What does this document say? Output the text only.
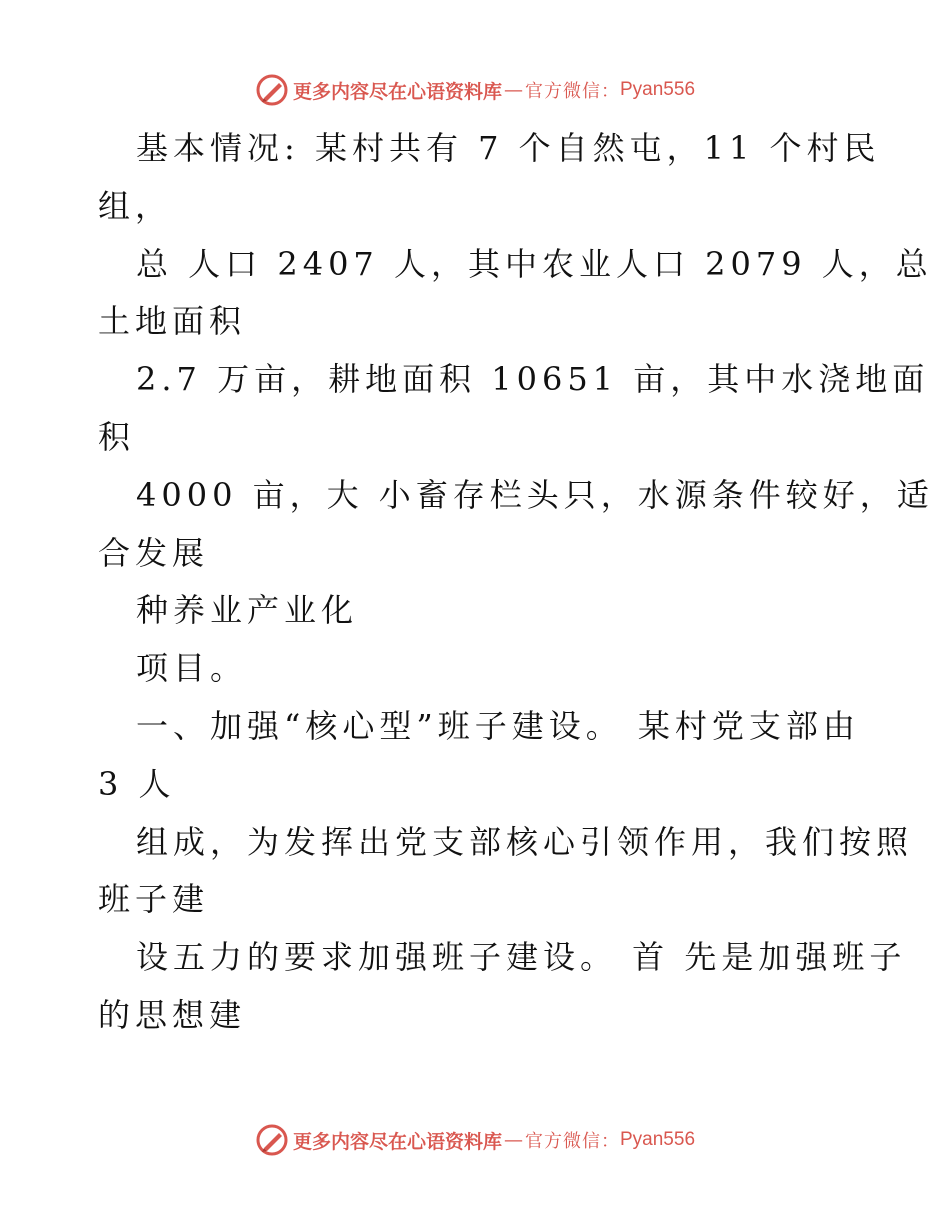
更多内容尽在心语资料库 — 官方微信： Pyan556
基本情况: 某村共有 7 个自然屯，11 个村民
组，
总 人口 2407 人，其中农业人口 2079 人，总
土地面积
2.7 万亩，耕地面积 10651 亩，其中水浇地面
积
4000 亩，大 小畜存栏头只，水源条件较好，适
合发展
种养业产业化
项目。
一、加强“核心型”班子建设。 某村党支部由
3 人
组成，为发挥出党支部核心引领作用，我们按照
班子建
设五力的要求加强班子建设。 首 先是加强班子
的思想建
更多内容尽在心语资料库 — 官方微信： Pyan556
